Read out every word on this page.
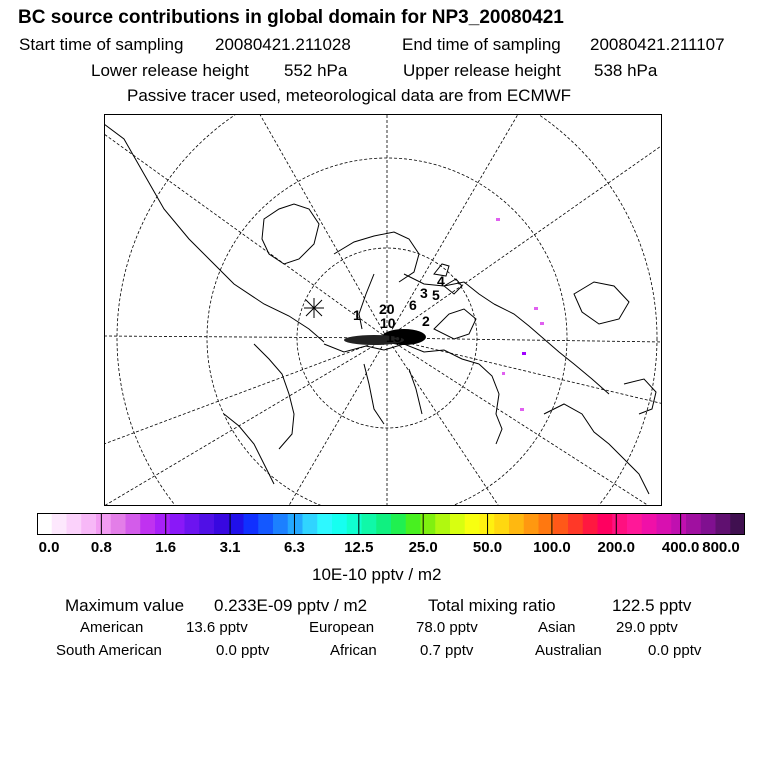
BC source contributions in global domain for NP3_20080421
Start time of sampling 20080421.211028	End time of sampling 20080421.211107
Lower release height 552 hPa	Upper release height 538 hPa
Passive tracer used, meteorological data are from ECMWF
1 20 6
3
4
5
2
10
15
0.0 0.8	1.6	3.1	6.3	12.5 25.0 50.0 100.0 200.0 400.0 800.0
10E-10 pptv / m2
Maximum value 0.233E-09 pptv / m2	Total mixing ratio	122.5 pptv
American	13.6 pptv	European	78.0 pptv	Asian	29.0 pptv
South American	0.0 pptv	African	0.7 pptv	Australian	0.0 pptv
